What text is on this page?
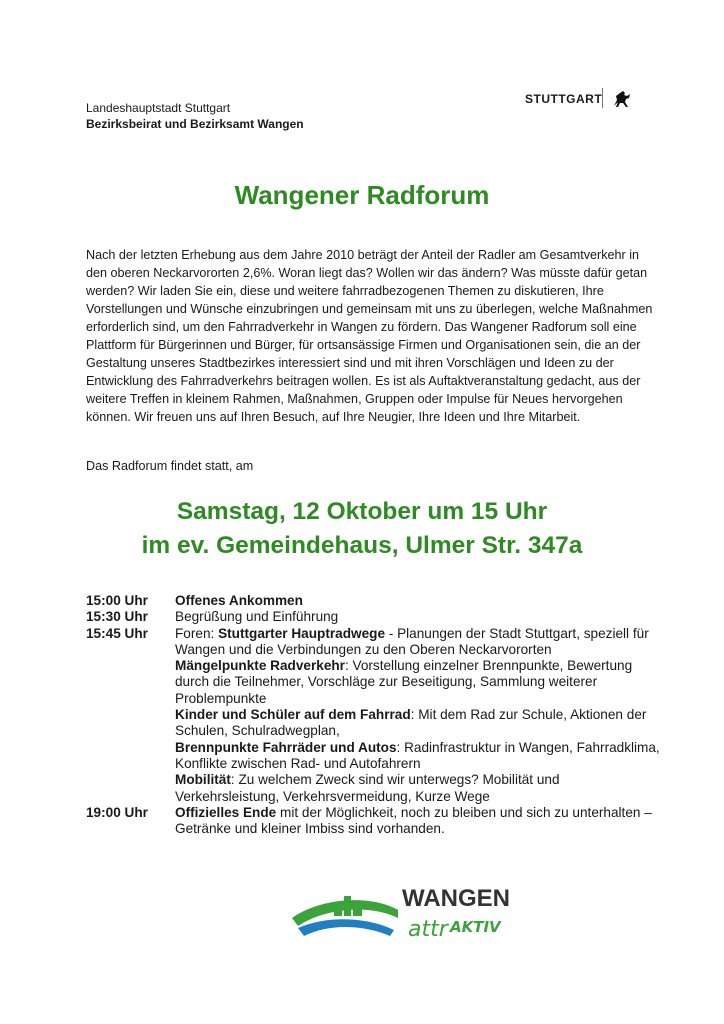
Landeshauptstadt Stuttgart
Bezirksbeirat und Bezirksamt Wangen
STUTTGART
Wangener Radforum

Nach der letzten Erhebung aus dem Jahre 2010 beträgt der Anteil der Radler am Gesamtverkehr in den oberen Neckarvororten 2,6%. Woran liegt das? Wollen wir das ändern? Was müsste dafür getan werden? Wir laden Sie ein, diese und weitere fahrradbezogenen Themen zu diskutieren, Ihre Vorstellungen und Wünsche einzubringen und gemeinsam mit uns zu überlegen, welche Maßnahmen erforderlich sind, um den Fahrradverkehr in Wangen zu fördern. Das Wangener Radforum soll eine Plattform für Bürgerinnen und Bürger, für ortsansässige Firmen und Organisationen sein, die an der Gestaltung unseres Stadtbezirkes interessiert sind und mit ihren Vorschlägen und Ideen zu der Entwicklung des Fahrradverkehrs beitragen wollen. Es ist als Auftaktveranstaltung gedacht, aus der weitere Treffen in kleinem Rahmen, Maßnahmen, Gruppen oder Impulse für Neues hervorgehen können. Wir freuen uns auf Ihren Besuch, auf Ihre Neugier, Ihre Ideen und Ihre Mitarbeit.

Das Radforum findet statt, am
Samstag, 12 Oktober um 15 Uhr
im ev. Gemeindehaus, Ulmer Str. 347a
15:00 Uhr	Offenes Ankommen
15:30 Uhr	Begrüßung und Einführung
15:45 Uhr	Foren: Stuttgarter Hauptradwege - Planungen der Stadt Stuttgart, speziell für Wangen und die Verbindungen zu den Oberen Neckarvororten
Mängelpunkte Radverkehr: Vorstellung einzelner Brennpunkte, Bewertung durch die Teilnehmer, Vorschläge zur Beseitigung, Sammlung weiterer Problempunkte
Kinder und Schüler auf dem Fahrrad: Mit dem Rad zur Schule, Aktionen der Schulen, Schulradwegplan,
Brennpunkte Fahrräder und Autos: Radinfrastruktur in Wangen, Fahrradklima, Konflikte zwischen Rad- und Autofahrern
Mobilität: Zu welchem Zweck sind wir unterwegs? Mobilität und Verkehrsleistung, Verkehrsvermeidung, Kurze Wege
19:00 Uhr	Offizielles Ende mit der Möglichkeit, noch zu bleiben und sich zu unterhalten – Getränke und kleiner Imbiss sind vorhanden.
WANGEN
attr AKTIV
